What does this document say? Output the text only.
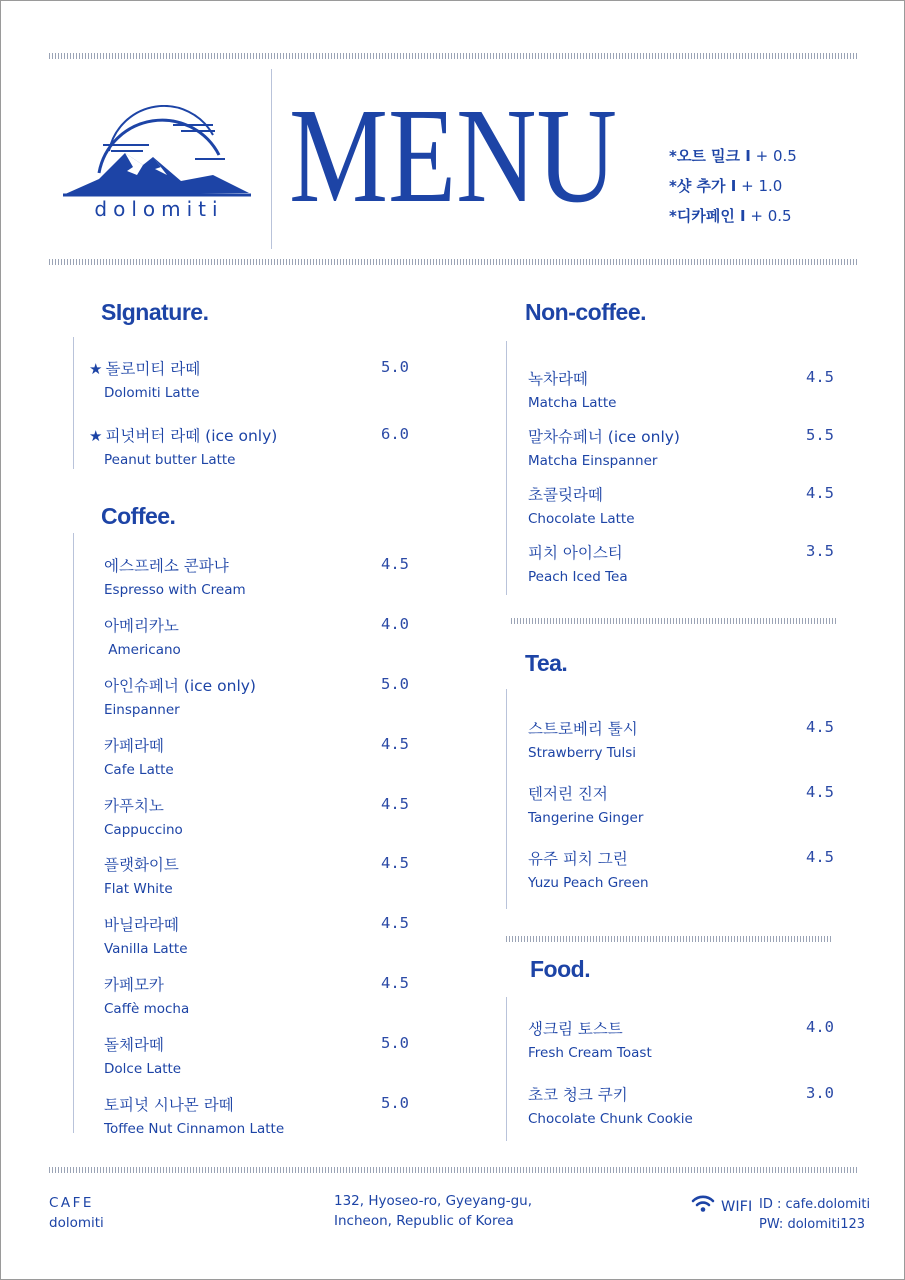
dolomiti MENU	*오트 밀크 I + 0.5
*샷 추가 I + 1.0
*디카페인 I + 0.5
SIgnature.
★ 돌로미티 라떼
Dolomiti Latte
5.0
★ 피넛버터 라떼 (ice only)
Peanut butter Latte
6.0
Coffee.
에스프레소 콘파냐
Espresso with Cream
4.5
아메리카노
Americano
4.0
아인슈페너 (ice only)
Einspanner
5.0
카페라떼
Cafe Latte
4.5
카푸치노
Cappuccino
4.5
플랫화이트
Flat White
4.5
바닐라라떼
Vanilla Latte
4.5
카페모카
Caffè mocha
4.5
돌체라떼
Dolce Latte
5.0
토피넛 시나몬 라떼
Toffee Nut Cinnamon Latte
5.0
Non-coffee.
녹차라떼
Matcha Latte
4.5
말차슈페너 (ice only)
Matcha Einspanner
5.5
초콜릿라떼
Chocolate Latte
4.5
피치 아이스티
Peach Iced Tea
3.5
Tea.
스트로베리 툴시
Strawberry Tulsi
4.5
텐저린 진저
Tangerine Ginger
4.5
유주 피치 그린
Yuzu Peach Green
4.5
Food.
생크림 토스트
Fresh Cream Toast
4.0
초코 청크 쿠키
Chocolate Chunk Cookie
3.0
CAFE
dolomiti
132, Hyoseo-ro, Gyeyang-gu,
Incheon, Republic of Korea
WIFI ID : cafe.dolomiti
PW: dolomiti123
